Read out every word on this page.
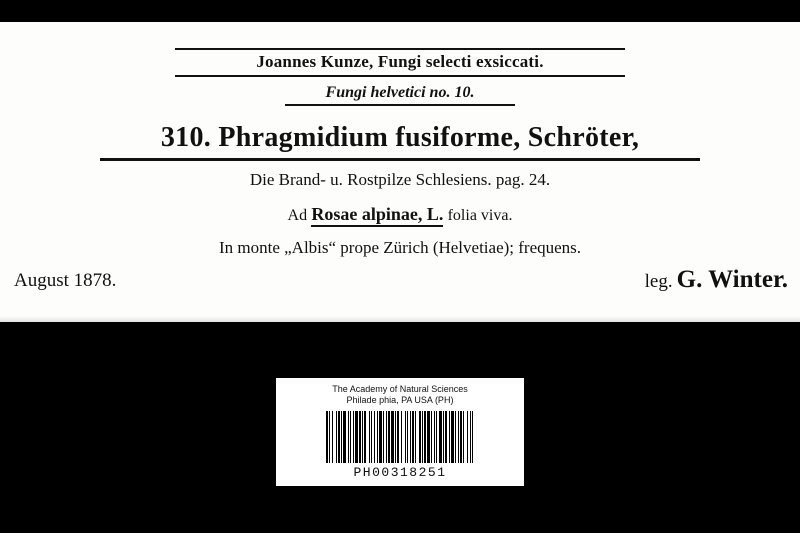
Joannes Kunze, Fungi selecti exsiccati.
Fungi helvetici no. 10.
310. Phragmidium fusiforme, Schröter,
Die Brand- u. Rostpilze Schlesiens. pag. 24.
Ad Rosae alpinae, L. folia viva.
In monte „Albis“ prope Zürich (Helvetiae); frequens.
August 1878.	leg. G. Winter.
The Academy of Natural Sciences
Philade phia, PA USA (PH)
PH00318251
